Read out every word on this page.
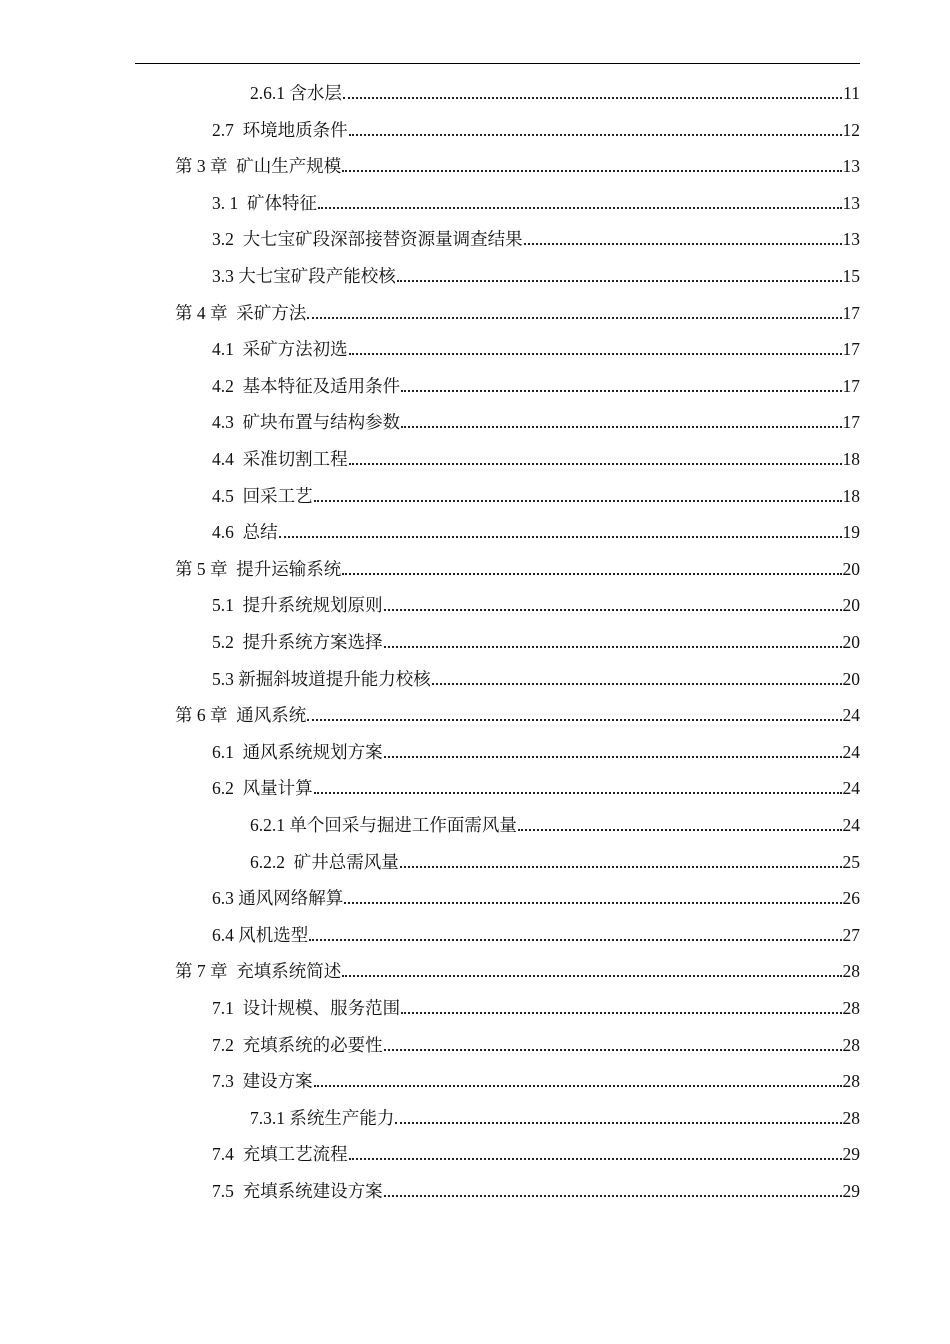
2.6.1 含水层	11
2.7  环境地质条件	12
第 3 章  矿山生产规模	13
3. 1  矿体特征	13
3.2  大七宝矿段深部接替资源量调查结果	13
3.3 大七宝矿段产能校核	15
第 4 章  采矿方法	17
4.1  采矿方法初选	17
4.2  基本特征及适用条件	17
4.3  矿块布置与结构参数	17
4.4  采准切割工程	18
4.5  回采工艺	18
4.6  总结	19
第 5 章  提升运输系统	20
5.1  提升系统规划原则	20
5.2  提升系统方案选择	20
5.3 新掘斜坡道提升能力校核	20
第 6 章  通风系统	24
6.1  通风系统规划方案	24
6.2  风量计算	24
6.2.1 单个回采与掘进工作面需风量	24
6.2.2  矿井总需风量	25
6.3 通风网络解算	26
6.4 风机选型	27
第 7 章  充填系统简述	28
7.1  设计规模、服务范围	28
7.2  充填系统的必要性	28
7.3  建设方案	28
7.3.1 系统生产能力	28
7.4  充填工艺流程	29
7.5  充填系统建设方案	29
